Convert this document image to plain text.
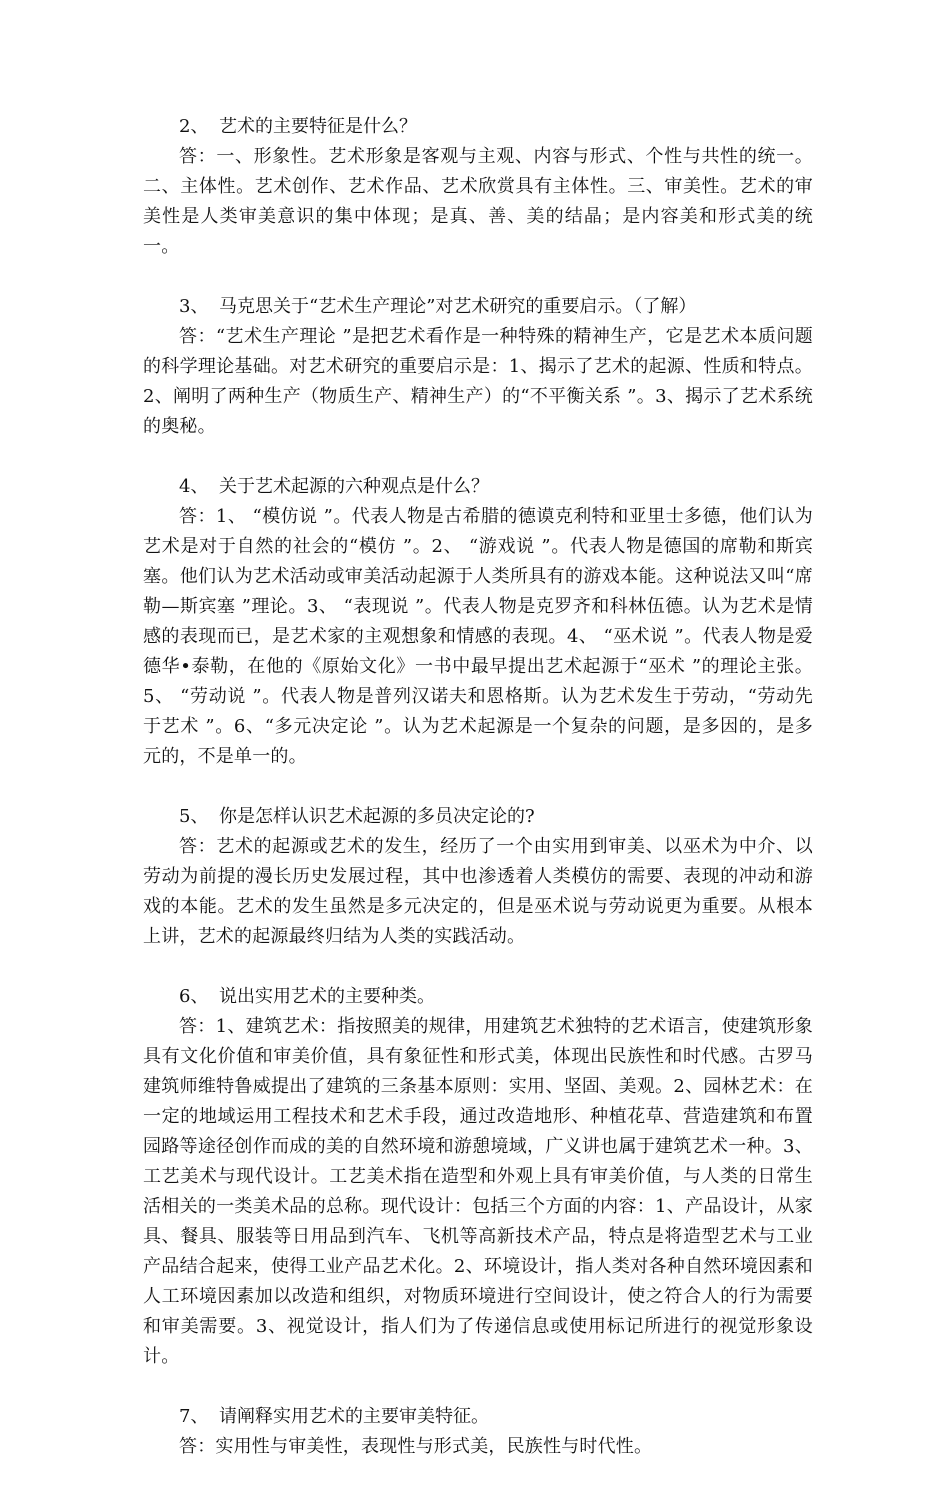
2、 艺术的主要特征是什么？

答：一、形象性。艺术形象是客观与主观、内容与形式、个性与共性的统一。二、主体性。艺术创作、艺术作品、艺术欣赏具有主体性。三、审美性。艺术的审美性是人类审美意识的集中体现；是真、善、美的结晶；是内容美和形式美的统一。

3、 马克思关于“艺术生产理论”对艺术研究的重要启示。（了解）

答：“艺术生产理论 ”是把艺术看作是一种特殊的精神生产，它是艺术本质问题的科学理论基础。对艺术研究的重要启示是：1、揭示了艺术的起源、性质和特点。2、阐明了两种生产（物质生产、精神生产）的“不平衡关系 ”。3、揭示了艺术系统的奥秘。

4、 关于艺术起源的六种观点是什么？

答：1、 “模仿说 ”。代表人物是古希腊的德谟克利特和亚里士多德，他们认为艺术是对于自然的社会的“模仿 ”。2、 “游戏说 ”。代表人物是德国的席勒和斯宾塞。他们认为艺术活动或审美活动起源于人类所具有的游戏本能。这种说法又叫“席勒—斯宾塞 ”理论。3、 “表现说 ”。代表人物是克罗齐和科林伍德。认为艺术是情感的表现而已，是艺术家的主观想象和情感的表现。4、 “巫术说 ”。代表人物是爱德华•泰勒，在他的《原始文化》一书中最早提出艺术起源于“巫术 ”的理论主张。5、 “劳动说 ”。代表人物是普列汉诺夫和恩格斯。认为艺术发生于劳动，“劳动先于艺术 ”。6、“多元决定论 ”。认为艺术起源是一个复杂的问题，是多因的，是多元的，不是单一的。

5、 你是怎样认识艺术起源的多员决定论的?

答：艺术的起源或艺术的发生，经历了一个由实用到审美、以巫术为中介、以劳动为前提的漫长历史发展过程，其中也渗透着人类模仿的需要、表现的冲动和游戏的本能。艺术的发生虽然是多元决定的，但是巫术说与劳动说更为重要。从根本上讲，艺术的起源最终归结为人类的实践活动。

6、 说出实用艺术的主要种类。

答：1、建筑艺术：指按照美的规律，用建筑艺术独特的艺术语言，使建筑形象具有文化价值和审美价值，具有象征性和形式美，体现出民族性和时代感。古罗马建筑师维特鲁威提出了建筑的三条基本原则：实用、坚固、美观。2、园林艺术：在一定的地域运用工程技术和艺术手段，通过改造地形、种植花草、营造建筑和布置园路等途径创作而成的美的自然环境和游憩境域，广义讲也属于建筑艺术一种。3、工艺美术与现代设计。工艺美术指在造型和外观上具有审美价值，与人类的日常生活相关的一类美术品的总称。现代设计：包括三个方面的内容：1、产品设计，从家具、餐具、服装等日用品到汽车、飞机等高新技术产品，特点是将造型艺术与工业产品结合起来，使得工业产品艺术化。2、环境设计，指人类对各种自然环境因素和人工环境因素加以改造和组织，对物质环境进行空间设计，使之符合人的行为需要和审美需要。3、视觉设计，指人们为了传递信息或使用标记所进行的视觉形象设计。

7、 请阐释实用艺术的主要审美特征。

答：实用性与审美性，表现性与形式美，民族性与时代性。
